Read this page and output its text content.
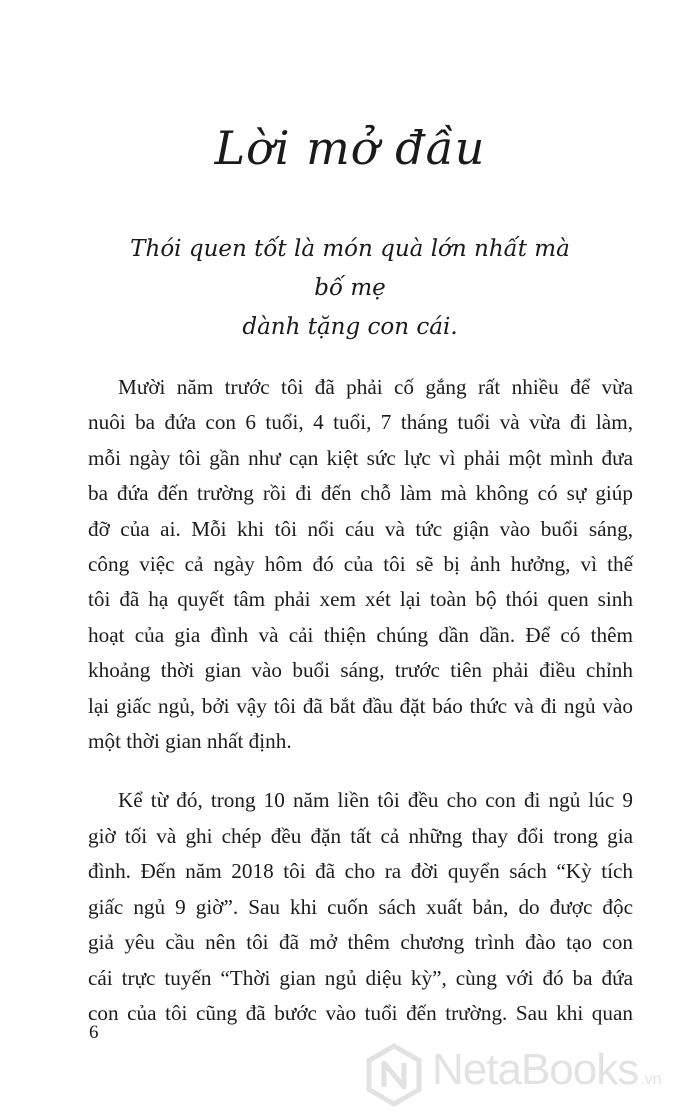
Lời mở đầu
Thói quen tốt là món quà lớn nhất mà bố mẹ
dành tặng con cái.

Mười năm trước tôi đã phải cố gắng rất nhiều để vừa
nuôi ba đứa con 6 tuổi, 4 tuổi, 7 tháng tuổi và vừa đi làm,
mỗi ngày tôi gần như cạn kiệt sức lực vì phải một mình đưa
ba đứa đến trường rồi đi đến chỗ làm mà không có sự giúp
đỡ của ai. Mỗi khi tôi nổi cáu và tức giận vào buổi sáng,
công việc cả ngày hôm đó của tôi sẽ bị ảnh hưởng, vì thế
tôi đã hạ quyết tâm phải xem xét lại toàn bộ thói quen sinh
hoạt của gia đình và cải thiện chúng dần dần. Để có thêm
khoảng thời gian vào buổi sáng, trước tiên phải điều chỉnh
lại giấc ngủ, bởi vậy tôi đã bắt đầu đặt báo thức và đi ngủ vào
một thời gian nhất định.

Kể từ đó, trong 10 năm liền tôi đều cho con đi ngủ lúc 9
giờ tối và ghi chép đều đặn tất cả những thay đổi trong gia
đình. Đến năm 2018 tôi đã cho ra đời quyển sách “Kỳ tích
giấc ngủ 9 giờ”. Sau khi cuốn sách xuất bản, do được độc
giả yêu cầu nên tôi đã mở thêm chương trình đào tạo con
cái trực tuyến “Thời gian ngủ diệu kỳ”, cùng với đó ba đứa
con của tôi cũng đã bước vào tuổi đến trường. Sau khi quan

6
NetaBooks .vn
